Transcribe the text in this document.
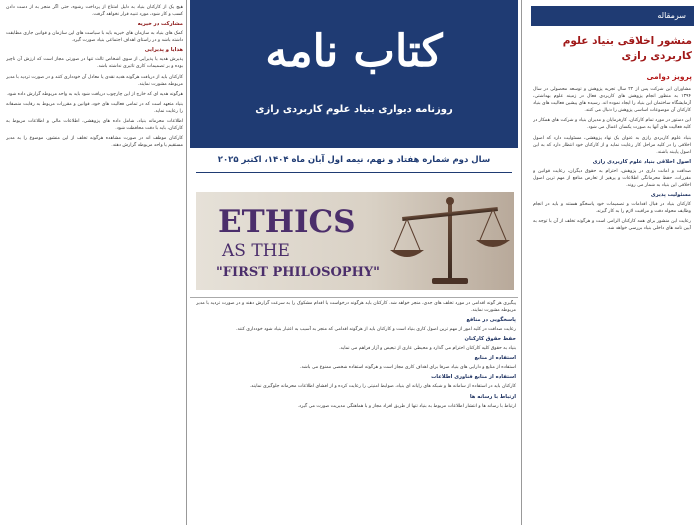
هیچ یک از کارکنان بنیاد به دلیل امتناع از پرداخت رشوه، حتی اگر منجر به از دست دادن کسب و کار شود، مورد تنبیه قرار نخواهد گرفت.

مشارکت در خیریه

کمک های بنیاد به سازمان های خیریه باید با سیاست های این سازمان و قوانین جاری مطابقت داشته باشد و در راستای اهداف اجتماعی بنیاد صورت گیرد.

هدایا و پذیرایی

پذیرش هدیه یا پذیرایی از سوی اشخاص ثالث تنها در صورتی مجاز است که ارزش آن ناچیز بوده و بر تصمیمات کاری تاثیری نداشته باشد.

کارکنان باید از دریافت هرگونه هدیه نقدی یا معادل آن خودداری کنند و در صورت تردید با مدیر مربوطه مشورت نمایند.

هرگونه هدیه ای که خارج از این چارچوب دریافت شود باید به واحد مربوطه گزارش داده شود.

بنیاد متعهد است که در تمامی فعالیت های خود، قوانین و مقررات مربوط به رقابت منصفانه را رعایت نماید.

اطلاعات محرمانه بنیاد، شامل داده های پژوهشی، اطلاعات مالی و اطلاعات مربوط به کارکنان، باید با دقت محافظت شود.

کارکنان موظف اند در صورت مشاهده هرگونه تخلف از این منشور، موضوع را به مدیر مستقیم یا واحد مربوطه گزارش دهند.

کتاب نامه
روزنامه دیواری بنیاد علوم کاربردی رازی
سال دوم شماره هفتاد و نهم، نیمه اول آبان ماه ۱۴۰۴، اکتبر ۲۰۲۵
ETHICS
AS THE
"FIRST PHILOSOPHY"

پیگیری هر گونه اقدامی در مورد تخلف های جدی، منجر خواهد شد. کارکنان باید هرگونه درخواست یا اقدام مشکوک را به سرعت گزارش دهند و در صورت تردید با مدیر مربوطه مشورت نمایند.

پاسخگویی در منافع

رعایت صداقت در کلیه امور از مهم ترین اصول کاری بنیاد است و کارکنان باید از هرگونه اقدامی که منجر به آسیب به اعتبار بنیاد شود خودداری کنند.

حفظ حقوق کارکنان

بنیاد به حقوق کلیه کارکنان احترام می گذارد و محیطی عاری از تبعیض و آزار فراهم می نماید.

استفاده از منابع

استفاده از منابع و دارایی های بنیاد صرفا برای اهداف کاری مجاز است و هرگونه استفاده شخصی ممنوع می باشد.

استفاده از منابع فناوری اطلاعات

کارکنان باید در استفاده از سامانه ها و شبکه های رایانه ای بنیاد، ضوابط امنیتی را رعایت کرده و از افشای اطلاعات محرمانه جلوگیری نمایند.

ارتباط با رسانه ها

ارتباط با رسانه ها و انتشار اطلاعات مربوط به بنیاد تنها از طریق افراد مجاز و با هماهنگی مدیریت صورت می گیرد.

سرمقاله
منشور اخلاقی بنیاد علوم کاربردی رازی
پرویز دوامی

مشاوران این شرکت پس از ۲۲ سال تجربه پژوهش و توسعه محصولی در سال ۱۳۹۴ به منظور انجام پژوهش های کاربردی فعال در زمینه علوم بهداشتی، آزمایشگاه ساختمان این بنیاد را ایجاد نموده اند. رسیده های پیشین فعالیت های بنیاد کارکنان آن موضوعات اساسی پژوهش را دنبال می کنند.

این دستور در مورد تمام کارکنان، کارفرمایان و مدیران بنیاد و شرکت های همکار در کلیه فعالیت های آنها به صورت یکسان اعمال می شود.

بنیاد علوم کاربردی رازی به عنوان یک نهاد پژوهشی، مسئولیت دارد که اصول اخلاقی را در کلیه مراحل کار رعایت نماید و از کارکنان خود انتظار دارد که به این اصول پایبند باشند.

اصول اخلاقی بنیاد علوم کاربردی رازی

صداقت و امانت داری در پژوهش، احترام به حقوق دیگران، رعایت قوانین و مقررات، حفظ محرمانگی اطلاعات و پرهیز از تعارض منافع از مهم ترین اصول اخلاقی این بنیاد به شمار می روند.

مسئولیت پذیری

کارکنان بنیاد در قبال اقدامات و تصمیمات خود پاسخگو هستند و باید در انجام وظایف محوله دقت و مراقبت لازم را به کار گیرند.

رعایت این منشور برای همه کارکنان الزامی است و هرگونه تخلف از آن با توجه به آیین نامه های داخلی بنیاد بررسی خواهد شد.
